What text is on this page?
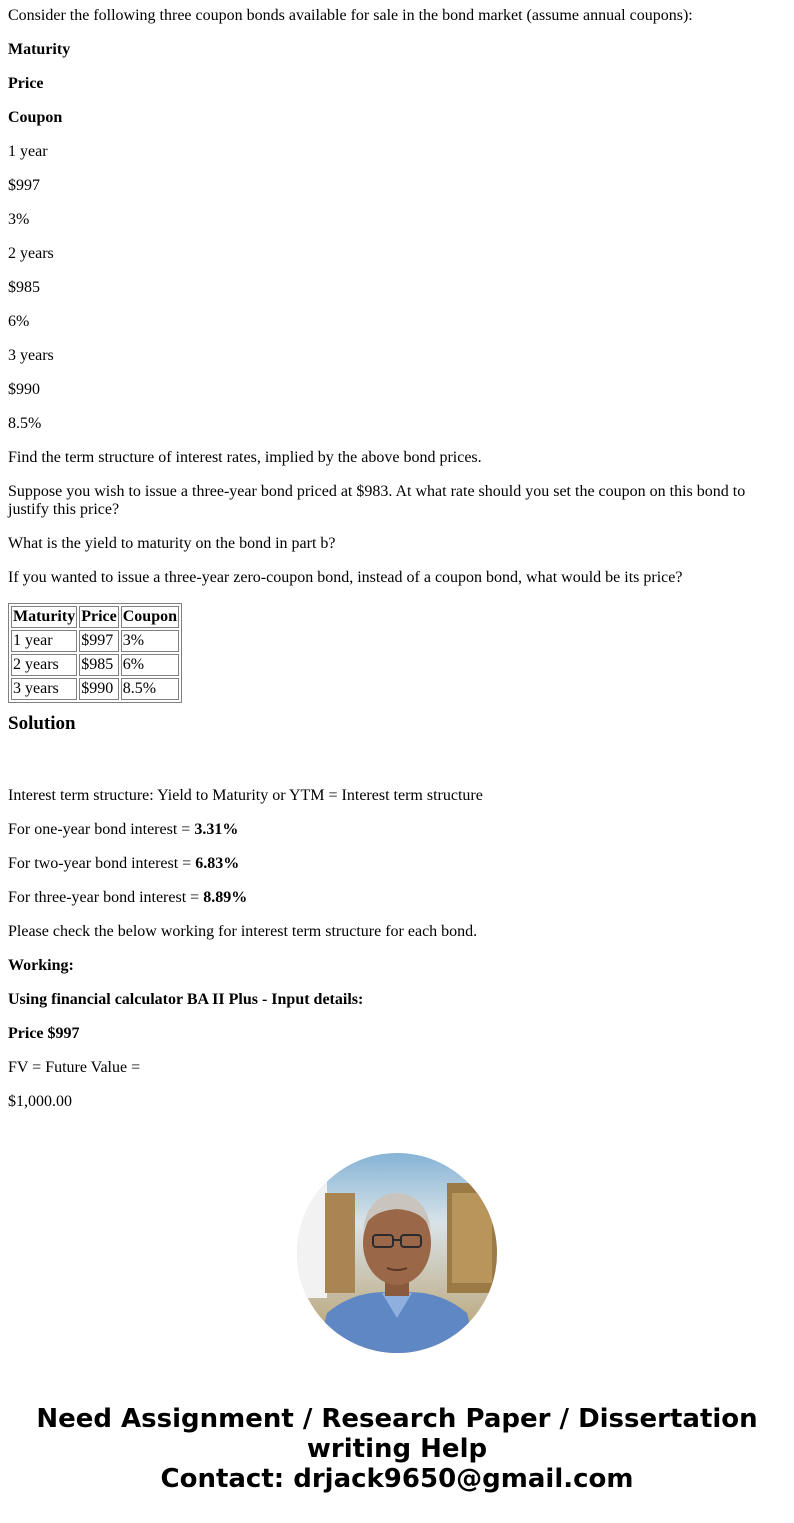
Consider the following three coupon bonds available for sale in the bond market (assume annual coupons):

Maturity

Price

Coupon

1 year

$997

3%

2 years

$985

6%

3 years

$990

8.5%

Find the term structure of interest rates, implied by the above bond prices.

Suppose you wish to issue a three-year bond priced at $983. At what rate should you set the coupon on this bond to justify this price?

What is the yield to maturity on the bond in part b?

If you wanted to issue a three-year zero-coupon bond, instead of a coupon bond, what would be its price?

Maturity	Price	Coupon
1 year	$997	3%
2 years	$985	6%
3 years	$990	8.5%
Solution

Interest term structure: Yield to Maturity or YTM = Interest term structure

For one-year bond interest = 3.31%

For two-year bond interest = 6.83%

For three-year bond interest = 8.89%

Please check the below working for interest term structure for each bond.

Working:

Using financial calculator BA II Plus - Input details:

Price $997

FV = Future Value =

$1,000.00

Need Assignment / Research Paper / Dissertation
writing Help
Contact: drjack9650@gmail.com
